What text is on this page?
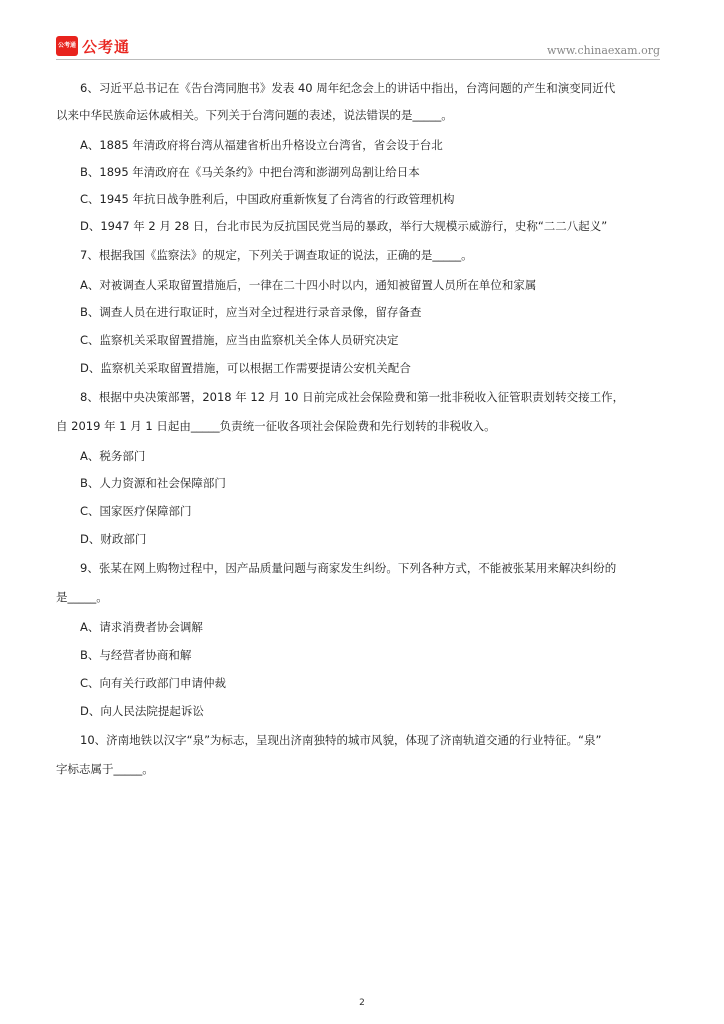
公考通 公考通	www.chinaexam.org
6、习近平总书记在《告台湾同胞书》发表 40 周年纪念会上的讲话中指出，台湾问题的产生和演变同近代
以来中华民族命运休戚相关。下列关于台湾问题的表述，说法错误的是_____。
A、1885 年清政府将台湾从福建省析出升格设立台湾省，省会设于台北
B、1895 年清政府在《马关条约》中把台湾和澎湖列岛割让给日本
C、1945 年抗日战争胜利后，中国政府重新恢复了台湾省的行政管理机构
D、1947 年 2 月 28 日，台北市民为反抗国民党当局的暴政，举行大规模示威游行，史称“二二八起义”
7、根据我国《监察法》的规定，下列关于调查取证的说法，正确的是_____。
A、对被调查人采取留置措施后，一律在二十四小时以内，通知被留置人员所在单位和家属
B、调查人员在进行取证时，应当对全过程进行录音录像，留存备查
C、监察机关采取留置措施，应当由监察机关全体人员研究决定
D、监察机关采取留置措施，可以根据工作需要提请公安机关配合
8、根据中央决策部署，2018 年 12 月 10 日前完成社会保险费和第一批非税收入征管职责划转交接工作，
自 2019 年 1 月 1 日起由_____负责统一征收各项社会保险费和先行划转的非税收入。
A、税务部门
B、人力资源和社会保障部门
C、国家医疗保障部门
D、财政部门
9、张某在网上购物过程中，因产品质量问题与商家发生纠纷。下列各种方式，不能被张某用来解决纠纷的
是_____。
A、请求消费者协会调解
B、与经营者协商和解
C、向有关行政部门申请仲裁
D、向人民法院提起诉讼
10、济南地铁以汉字“泉”为标志，呈现出济南独特的城市风貌，体现了济南轨道交通的行业特征。“泉”
字标志属于_____。
2
